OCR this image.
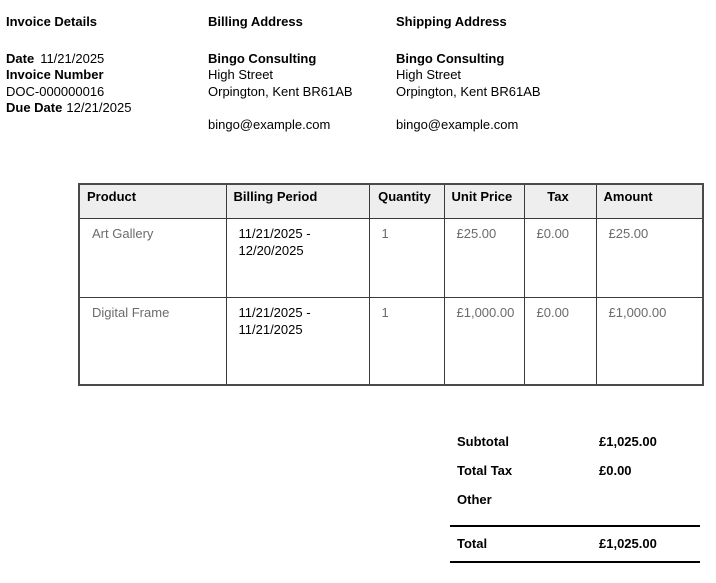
Invoice Details

Date 11/21/2025

Invoice Number

DOC-000000016

Due Date 12/21/2025

Billing Address

Bingo Consulting

High Street

Orpington, Kent BR61AB

bingo@example.com

Shipping Address

Bingo Consulting

High Street

Orpington, Kent BR61AB

bingo@example.com

Product	Billing Period	Quantity	Unit Price	Tax	Amount
Art Gallery	11/21/2025 - 12/20/2025	1	£25.00	£0.00	£25.00
Digital Frame	11/21/2025 - 11/21/2025	1	£1,000.00	£0.00	£1,000.00
Subtotal	£1,025.00
Total Tax	£0.00
Other
Total	£1,025.00
